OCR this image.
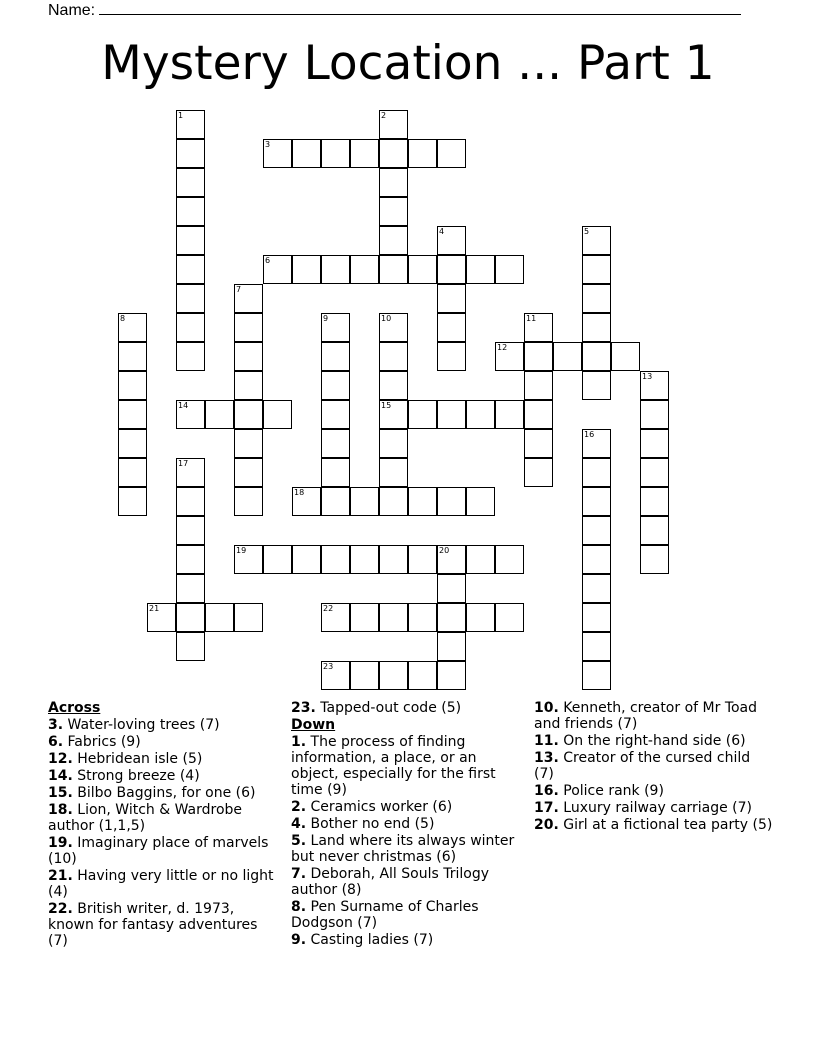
Name:
Mystery Location ... Part 1
1	2
3
4	5
6
7
8	9	10
15
11
12
13
14
16
17
18
19	20
21	22
23
Across
3. Water-loving trees (7)
6. Fabrics (9)
12. Hebridean isle (5)
14. Strong breeze (4)
15. Bilbo Baggins, for one (6)
18. Lion, Witch & Wardrobe author (1,1,5)
19. Imaginary place of marvels (10)
21. Having very little or no light (4)
22. British writer, d. 1973, known for fantasy adventures (7)
23. Tapped-out code (5)
Down
1. The process of finding information, a place, or an object, especially for the first time (9)
2. Ceramics worker (6)
4. Bother no end (5)
5. Land where its always winter but never christmas (6)
7. Deborah, All Souls Trilogy author (8)
8. Pen Surname of Charles Dodgson (7)
9. Casting ladies (7)
10. Kenneth, creator of Mr Toad and friends (7)
11. On the right-hand side (6)
13. Creator of the cursed child (7)
16. Police rank (9)
17. Luxury railway carriage (7)
20. Girl at a fictional tea party (5)
